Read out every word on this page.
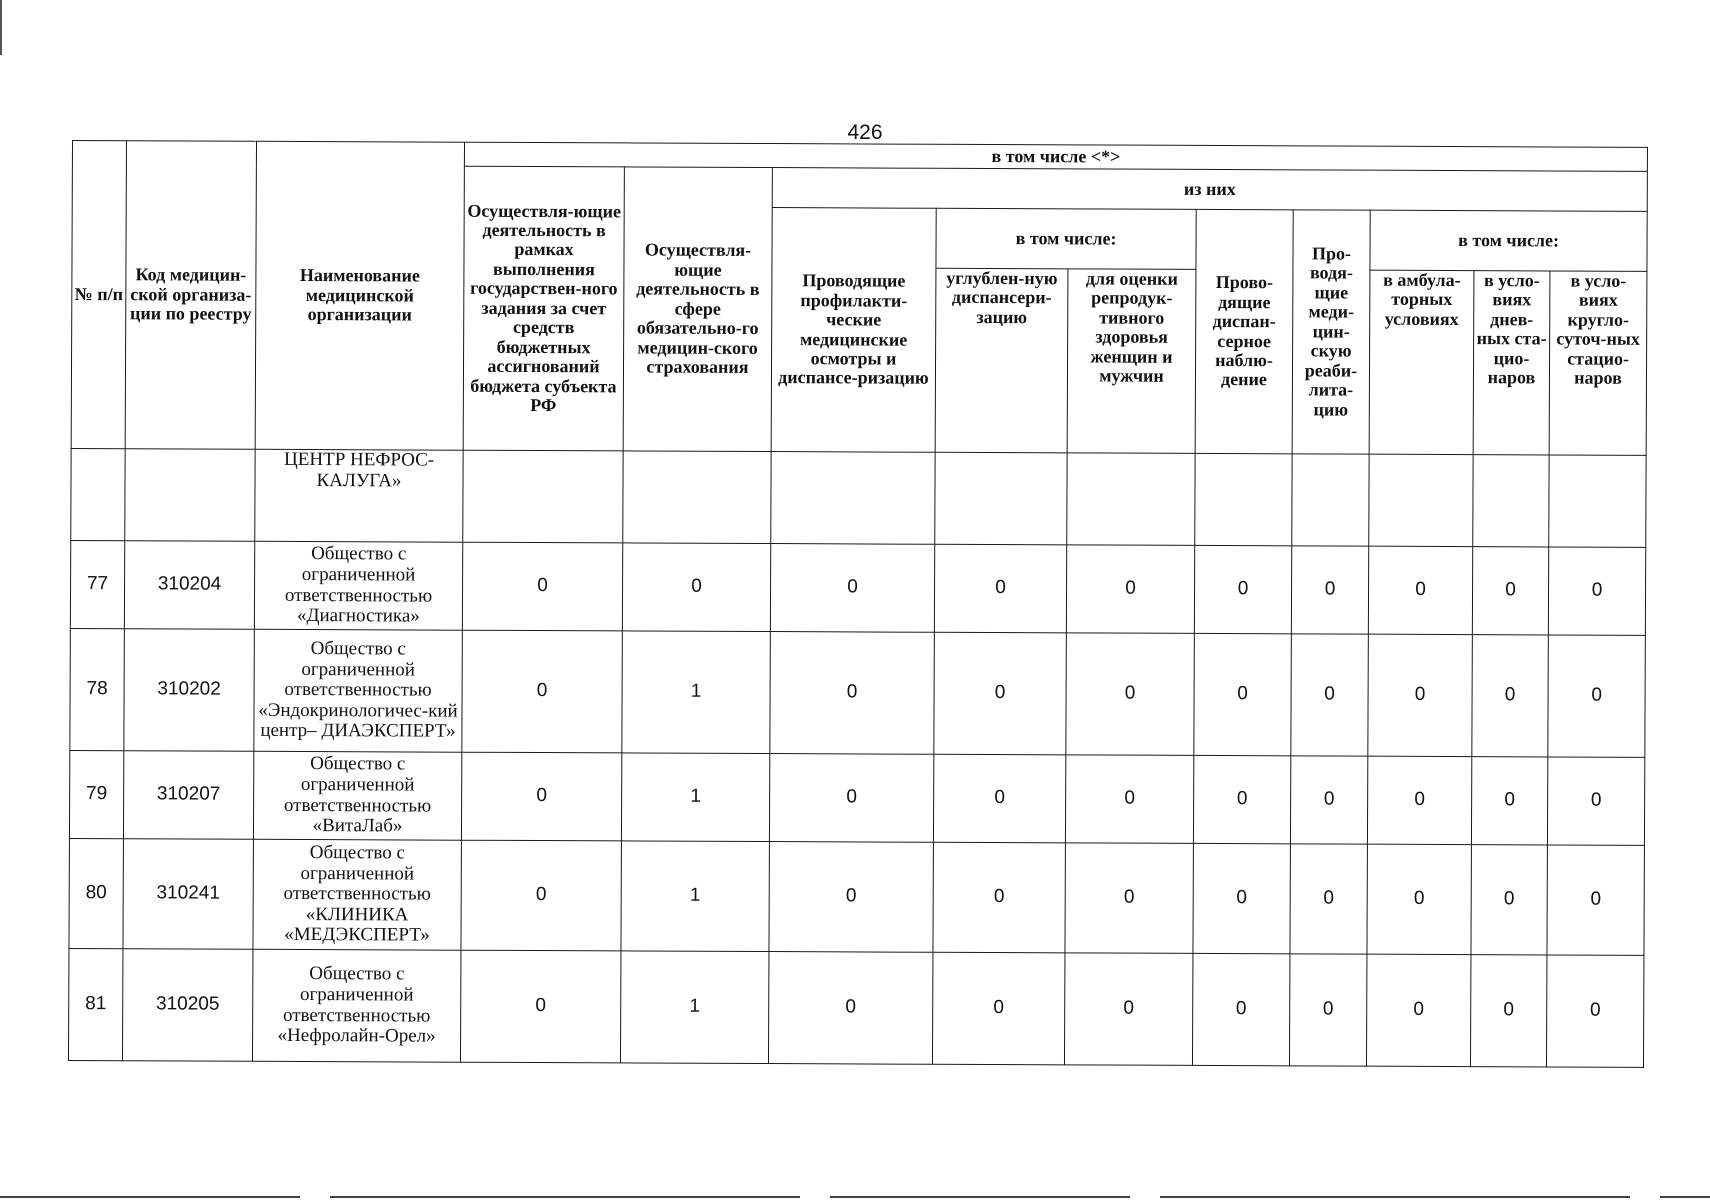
426
№ п/п	Код медицин-ской организа-ции по реестру	Наименование медицинской организации	в том числе <*>									
			Осуществля-ющие деятельность в рамках выполнения государствен-ного задания за счет средств бюджетных ассигнований бюджета субъекта РФ	Осуществля-ющие деятельность в сфере обязательно-го медицин-ского страхования	из них							
					Проводящие профилакти-ческие медицинские осмотры и диспансе-ризацию	в том числе:		Прово-дящие диспан-серное наблю-дение	Про-водя-щие меди-цин-скую реаби-лита-цию	в том числе:		
						углублен-ную диспансери-зацию	для оценки репродук-тивного здоровья женщин и мужчин			в амбула-торных условиях	в усло-виях днев-ных ста-цио-наров	в усло-виях кругло-суточ-ных стацио-наров
		ЦЕНТР НЕФРОС-КАЛУГА»										
77	310204	Общество с ограниченной ответственностью «Диагностика»	0	0	0	0	0	0	0	0	0	0
78	310202	Общество с ограниченной ответственностью «Эндокринологичес-кий центр– ДИАЭКСПЕРТ»	0	1	0	0	0	0	0	0	0	0
79	310207	Общество с ограниченной ответственностью «ВитаЛаб»	0	1	0	0	0	0	0	0	0	0
80	310241	Общество с ограниченной ответственностью «КЛИНИКА «МЕДЭКСПЕРТ»	0	1	0	0	0	0	0	0	0	0
81	310205	Общество с ограниченной ответственностью «Нефролайн-Орел»	0	1	0	0	0	0	0	0	0	0
